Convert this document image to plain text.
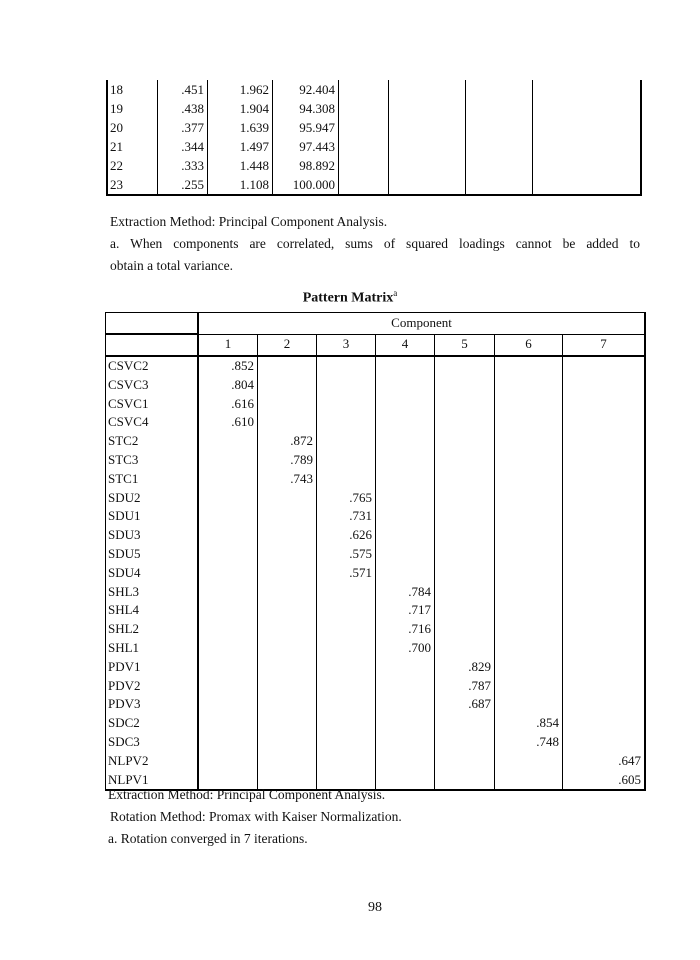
18	.451	1.962	92.404				
19	.438	1.904	94.308				
20	.377	1.639	95.947				
21	.344	1.497	97.443				
22	.333	1.448	98.892				
23	.255	1.108	100.000				
Extraction Method: Principal Component Analysis.
a. When components are correlated, sums of squared loadings cannot be added to
obtain a total variance.
Pattern Matrix$^a$
	Component						
	1	2	3	4	5	6	7
CSVC2	.852						
CSVC3	.804						
CSVC1	.616						
CSVC4	.610						
STC2		.872					
STC3		.789					
STC1		.743					
SDU2			.765				
SDU1			.731				
SDU3			.626				
SDU5			.575				
SDU4			.571				
SHL3				.784			
SHL4				.717			
SHL2				.716			
SHL1				.700			
PDV1					.829		
PDV2					.787		
PDV3					.687		
SDC2						.854	
SDC3						.748	
NLPV2							.647
NLPV1							.605
Extraction Method: Principal Component Analysis.
Rotation Method: Promax with Kaiser Normalization.
a. Rotation converged in 7 iterations.
98
